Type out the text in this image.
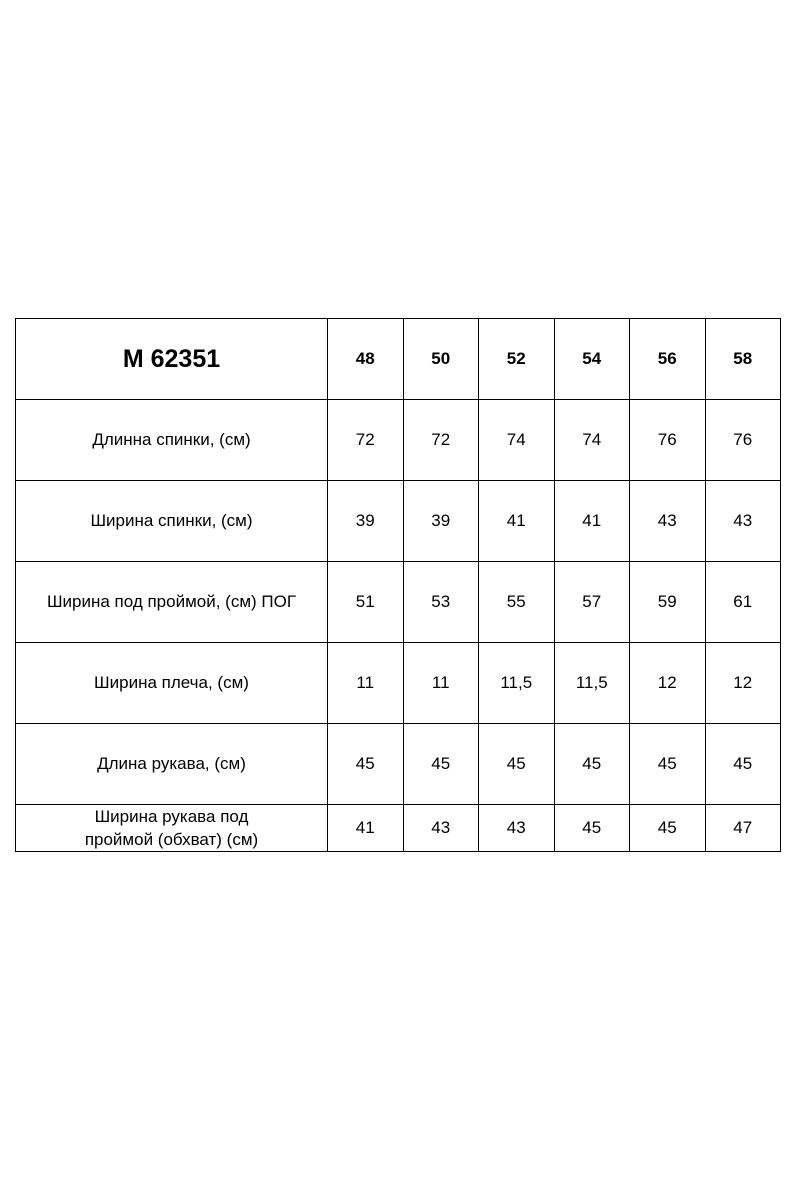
М 62351	48	50	52	54	56	58
Длинна спинки, (см)	72	72	74	74	76	76
Ширина спинки, (см)	39	39	41	41	43	43
Ширина под проймой, (см) ПОГ	51	53	55	57	59	61
Ширина плеча, (см)	11	11	11,5	11,5	12	12
Длина рукава, (см)	45	45	45	45	45	45
Ширина рукава под
проймой (обхват) (см)	41	43	43	45	45	47
